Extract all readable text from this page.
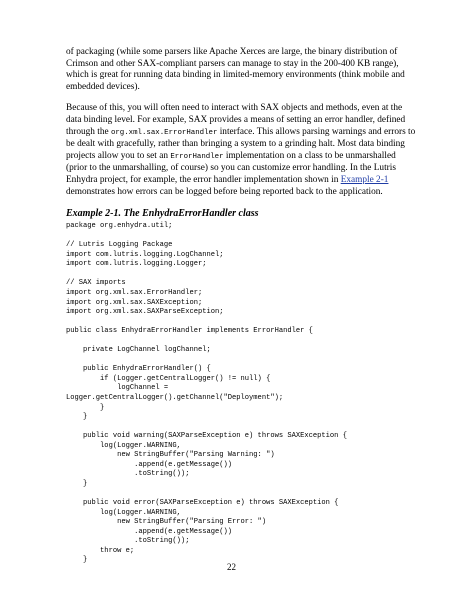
of packaging (while some parsers like Apache Xerces are large, the binary distribution of Crimson and other SAX-compliant parsers can manage to stay in the 200-400 KB range), which is great for running data binding in limited-memory environments (think mobile and embedded devices).

Because of this, you will often need to interact with SAX objects and methods, even at the data binding level. For example, SAX provides a means of setting an error handler, defined through the org.xml.sax.ErrorHandler interface. This allows parsing warnings and errors to be dealt with gracefully, rather than bringing a system to a grinding halt. Most data binding projects allow you to set an ErrorHandler implementation on a class to be unmarshalled (prior to the unmarshalling, of course) so you can customize error handling. In the Lutris Enhydra project, for example, the error handler implementation shown in Example 2-1 demonstrates how errors can be logged before being reported back to the application.

Example 2-1. The EnhydraErrorHandler class
package org.enhydra.util;

// Lutris Logging Package
import com.lutris.logging.LogChannel;
import com.lutris.logging.Logger;

// SAX imports
import org.xml.sax.ErrorHandler;
import org.xml.sax.SAXException;
import org.xml.sax.SAXParseException;

public class EnhydraErrorHandler implements ErrorHandler {

private LogChannel logChannel;

public EnhydraErrorHandler() {
if (Logger.getCentralLogger() != null) {
logChannel =
Logger.getCentralLogger().getChannel("Deployment");
}
}

public void warning(SAXParseException e) throws SAXException {
log(Logger.WARNING,
new StringBuffer("Parsing Warning: ")
.append(e.getMessage())
.toString());
}

public void error(SAXParseException e) throws SAXException {
log(Logger.WARNING,
new StringBuffer("Parsing Error: ")
.append(e.getMessage())
.toString());
throw e;
}
22
